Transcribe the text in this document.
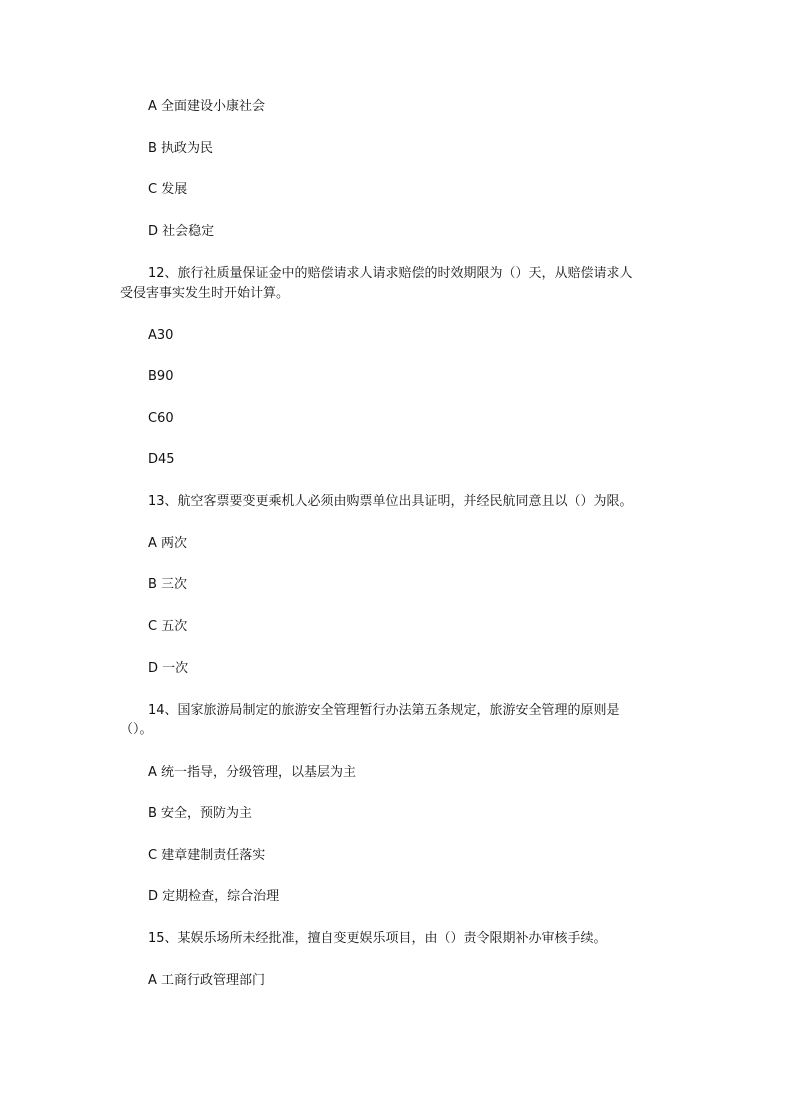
A 全面建设小康社会
B 执政为民
C 发展
D 社会稳定
12、旅行社质量保证金中的赔偿请求人请求赔偿的时效期限为（）天，从赔偿请求人
受侵害事实发生时开始计算。
A30
B90
C60
D45
13、航空客票要变更乘机人必须由购票单位出具证明，并经民航同意且以（）为限。
A 两次
B 三次
C 五次
D 一次
14、国家旅游局制定的旅游安全管理暂行办法第五条规定，旅游安全管理的原则是
（）。
A 统一指导，分级管理，以基层为主
B 安全，预防为主
C 建章建制责任落实
D 定期检查，综合治理
15、某娱乐场所未经批准，擅自变更娱乐项目，由（）责令限期补办审核手续。
A 工商行政管理部门
